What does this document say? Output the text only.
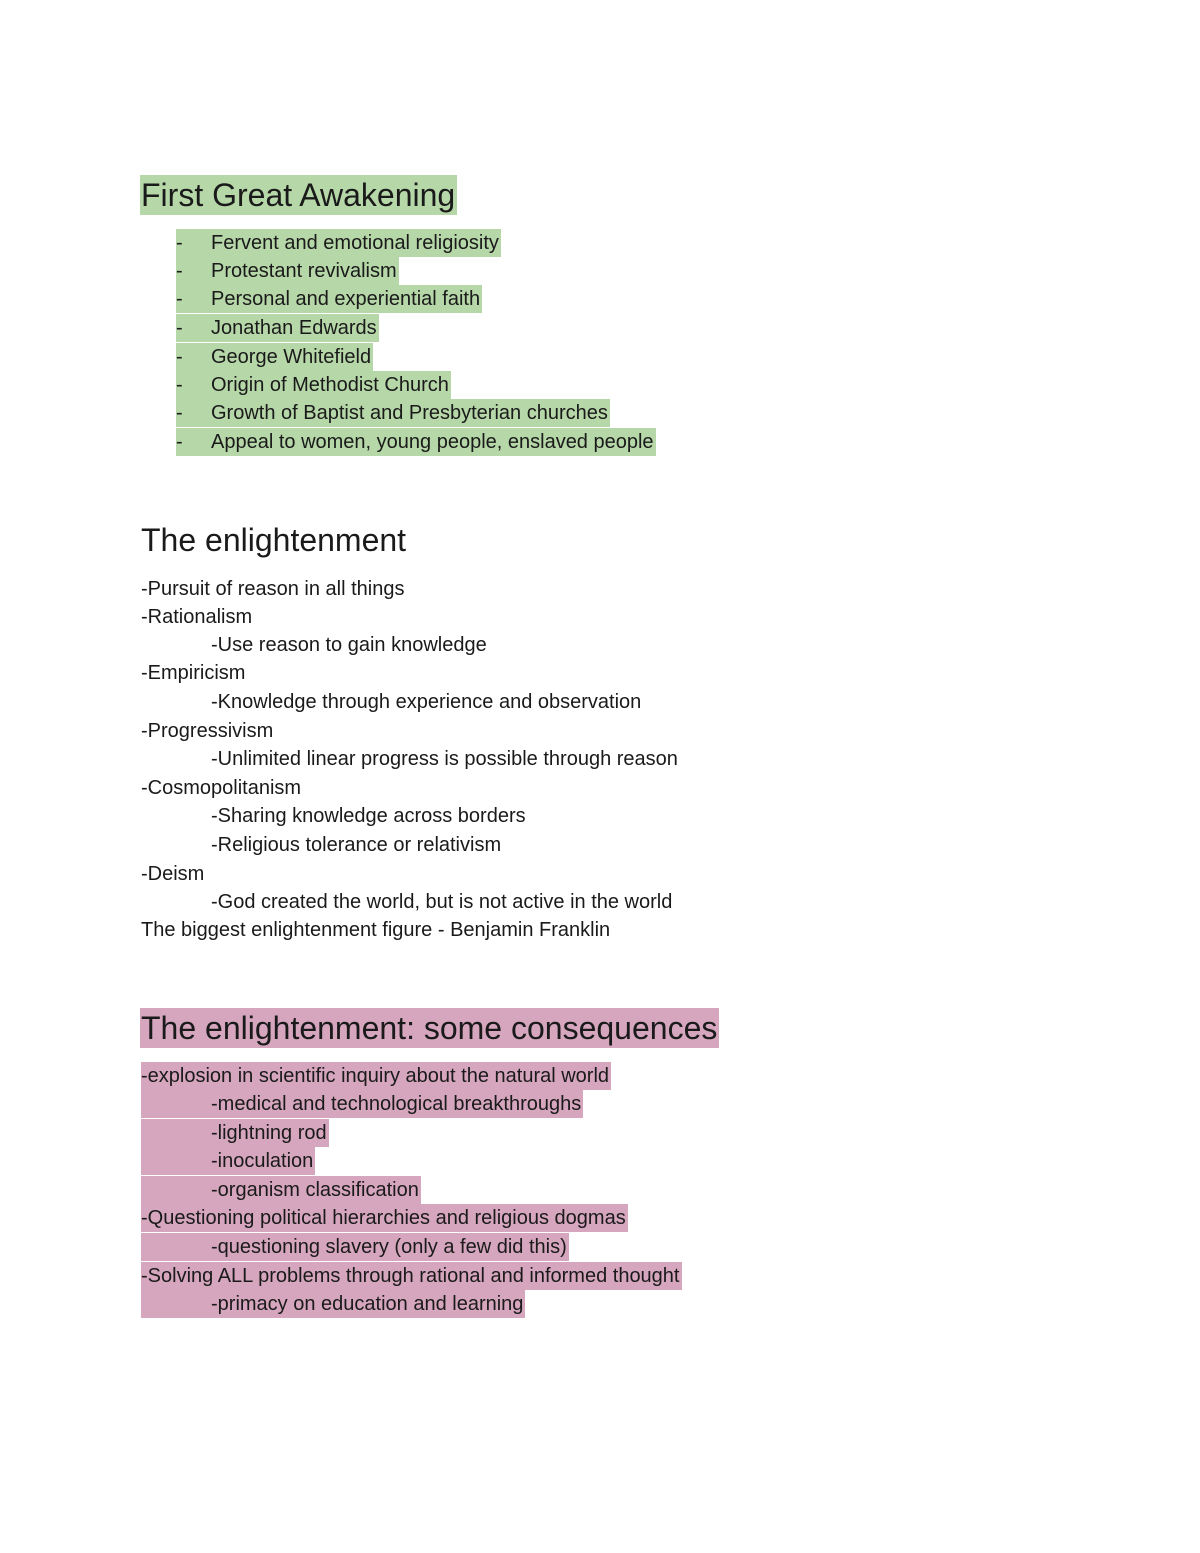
First Great Awakening
- Fervent and emotional religiosity
- Protestant revivalism
- Personal and experiential faith
- Jonathan Edwards
- George Whitefield
- Origin of Methodist Church
- Growth of Baptist and Presbyterian churches
- Appeal to women, young people, enslaved people
The enlightenment
-Pursuit of reason in all things
-Rationalism
-Use reason to gain knowledge
-Empiricism
-Knowledge through experience and observation
-Progressivism
-Unlimited linear progress is possible through reason
-Cosmopolitanism
-Sharing knowledge across borders
-Religious tolerance or relativism
-Deism
-God created the world, but is not active in the world
The biggest enlightenment figure - Benjamin Franklin
The enlightenment: some consequences
-explosion in scientific inquiry about the natural world
-medical and technological breakthroughs
-lightning rod
-inoculation
-organism classification
-Questioning political hierarchies and religious dogmas
-questioning slavery (only a few did this)
-Solving ALL problems through rational and informed thought
-primacy on education and learning
